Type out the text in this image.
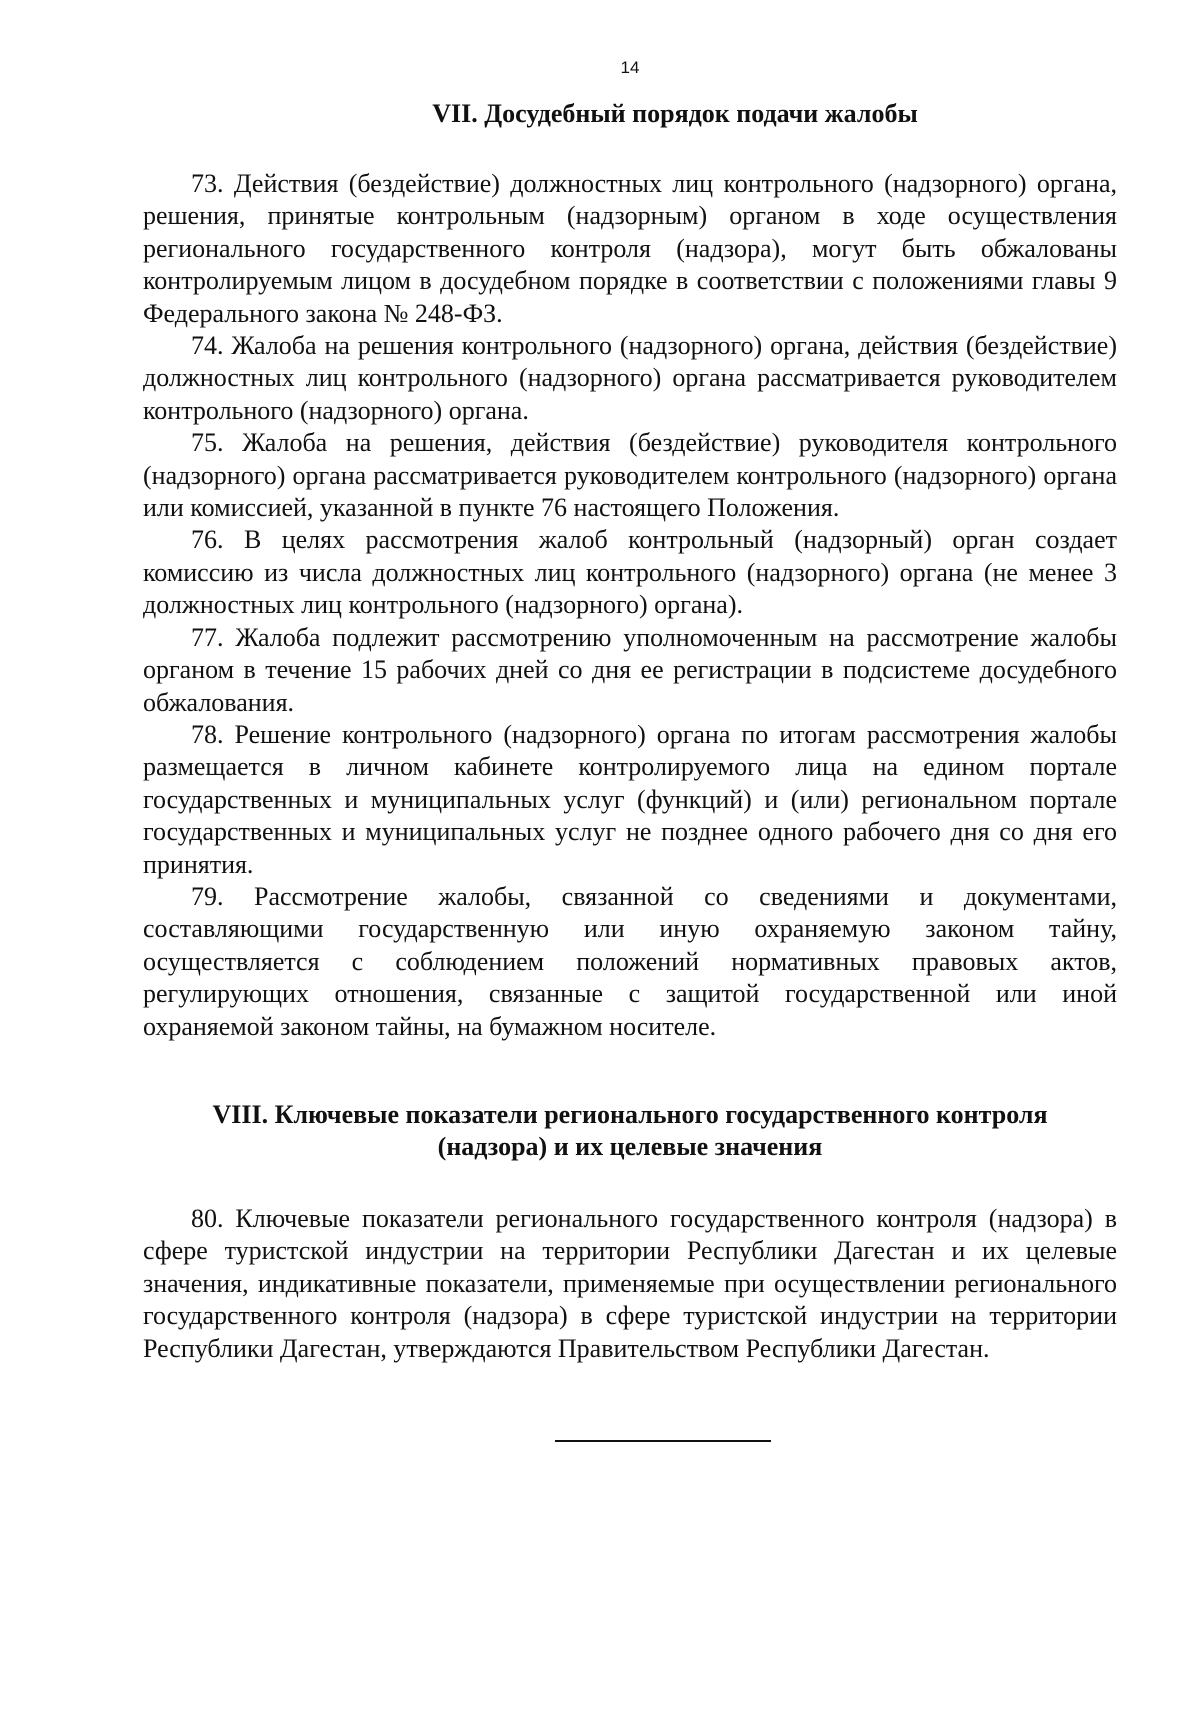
14
VII. Досудебный порядок подачи жалобы

73. Действия (бездействие) должностных лиц контрольного (надзорного) органа, решения, принятые контрольным (надзорным) органом в ходе осуществления регионального государственного контроля (надзора), могут быть обжалованы контролируемым лицом в досудебном порядке в соответствии с положениями главы 9 Федерального закона № 248-ФЗ.

74. Жалоба на решения контрольного (надзорного) органа, действия (бездействие) должностных лиц контрольного (надзорного) органа рассматривается руководителем контрольного (надзорного) органа.

75. Жалоба на решения, действия (бездействие) руководителя контрольного (надзорного) органа рассматривается руководителем контрольного (надзорного) органа или комиссией, указанной в пункте 76 настоящего Положения.

76. В целях рассмотрения жалоб контрольный (надзорный) орган создает комиссию из числа должностных лиц контрольного (надзорного) органа (не менее 3 должностных лиц контрольного (надзорного) органа).

77. Жалоба подлежит рассмотрению уполномоченным на рассмотрение жалобы органом в течение 15 рабочих дней со дня ее регистрации в подсистеме досудебного обжалования.

78. Решение контрольного (надзорного) органа по итогам рассмотрения жалобы размещается в личном кабинете контролируемого лица на едином портале государственных и муниципальных услуг (функций) и (или) региональном портале государственных и муниципальных услуг не позднее одного рабочего дня со дня его принятия.

79. Рассмотрение жалобы, связанной со сведениями и документами, составляющими государственную или иную охраняемую законом тайну, осуществляется с соблюдением положений нормативных правовых актов, регулирующих отношения, связанные с защитой государственной или иной охраняемой законом тайны, на бумажном носителе.

VIII. Ключевые показатели регионального государственного контроля
(надзора) и их целевые значения

80. Ключевые показатели регионального государственного контроля (надзора) в сфере туристской индустрии на территории Республики Дагестан и их целевые значения, индикативные показатели, применяемые при осуществлении регионального государственного контроля (надзора) в сфере туристской индустрии на территории Республики Дагестан, утверждаются Правительством Республики Дагестан.
